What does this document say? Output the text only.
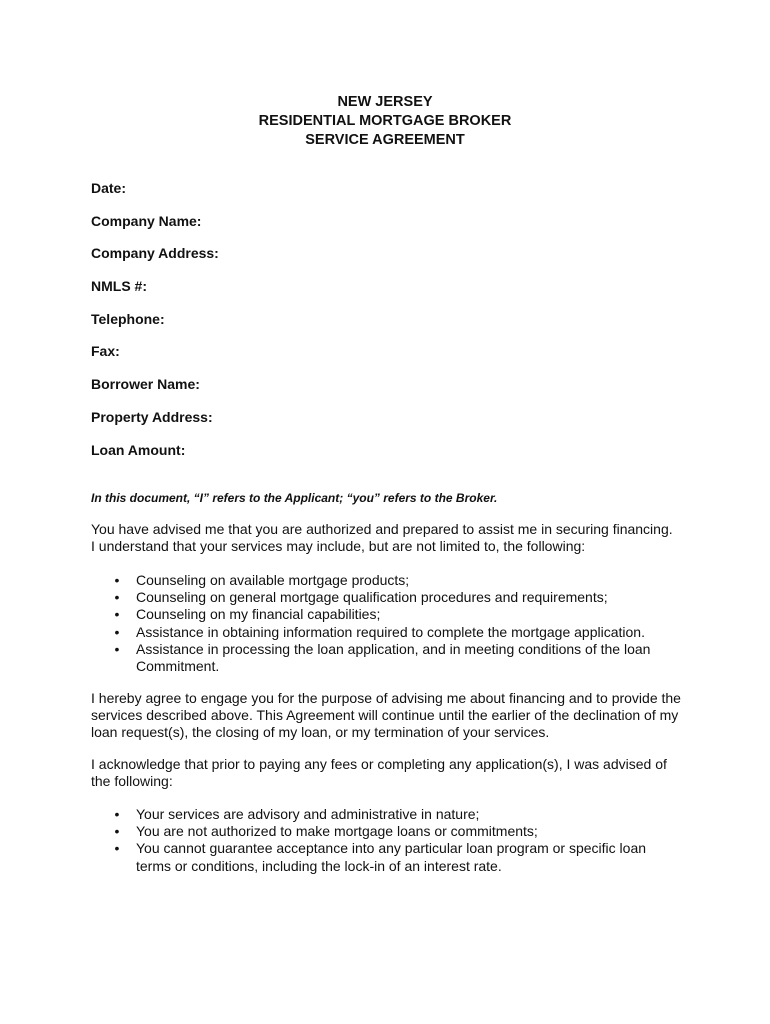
NEW JERSEY
RESIDENTIAL MORTGAGE BROKER
SERVICE AGREEMENT
Date:
Company Name:
Company Address:
NMLS #:
Telephone:
Fax:
Borrower Name:
Property Address:
Loan Amount:
In this document, “I” refers to the Applicant; “you” refers to the Broker.
You have advised me that you are authorized and prepared to assist me in securing financing.
I understand that your services may include, but are not limited to, the following:
• Counseling on available mortgage products;
• Counseling on general mortgage qualification procedures and requirements;
• Counseling on my financial capabilities;
• Assistance in obtaining information required to complete the mortgage application.
• Assistance in processing the loan application, and in meeting conditions of the loan
Commitment.
I hereby agree to engage you for the purpose of advising me about financing and to provide the
services described above. This Agreement will continue until the earlier of the declination of my
loan request(s), the closing of my loan, or my termination of your services.
I acknowledge that prior to paying any fees or completing any application(s), I was advised of
the following:
• Your services are advisory and administrative in nature;
• You are not authorized to make mortgage loans or commitments;
• You cannot guarantee acceptance into any particular loan program or specific loan
terms or conditions, including the lock-in of an interest rate.
